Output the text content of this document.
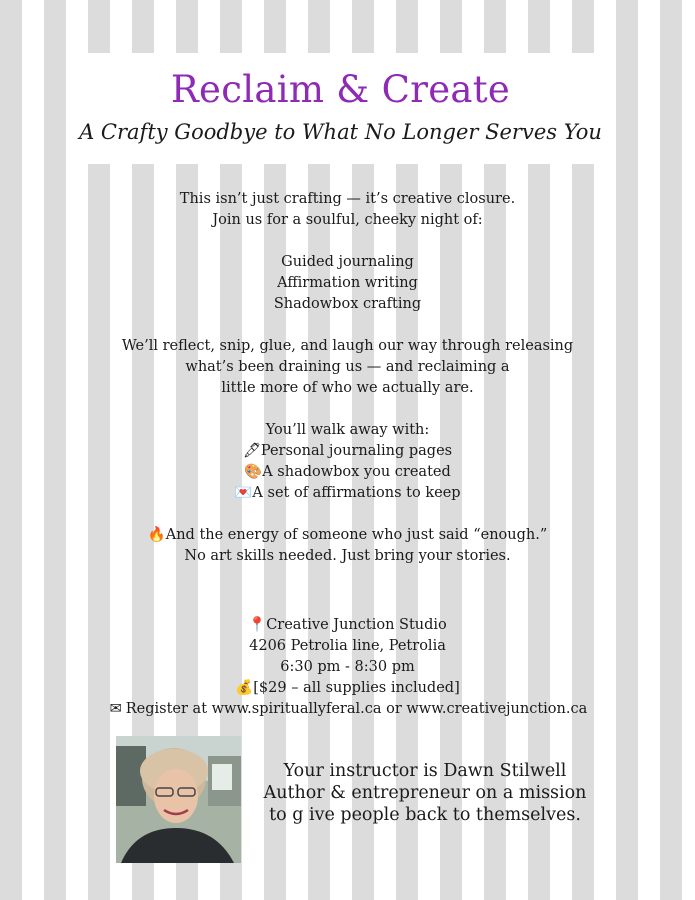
Reclaim & Create
A Crafty Goodbye to What No Longer Serves You
This isn’t just crafting — it’s creative closure.
Join us for a soulful, cheeky night of:
Guided journaling
Affirmation writing
Shadowbox crafting
We’ll reflect, snip, glue, and laugh our way through releasing
what’s been draining us — and reclaiming a
little more of who we actually are.
You’ll walk away with:
🖋Personal journaling pages
🎨A shadowbox you created
💌A set of affirmations to keep
🔥And the energy of someone who just said “enough.”
No art skills needed. Just bring your stories.
📍Creative Junction Studio
4206 Petrolia line, Petrolia
6:30 pm - 8:30 pm
💰[$29 – all supplies included]
✉ Register at www.spirituallyferal.ca or www.creativejunction.ca
Your instructor is Dawn Stilwell
Author & entrepreneur on a mission
to g ive people back to themselves.
